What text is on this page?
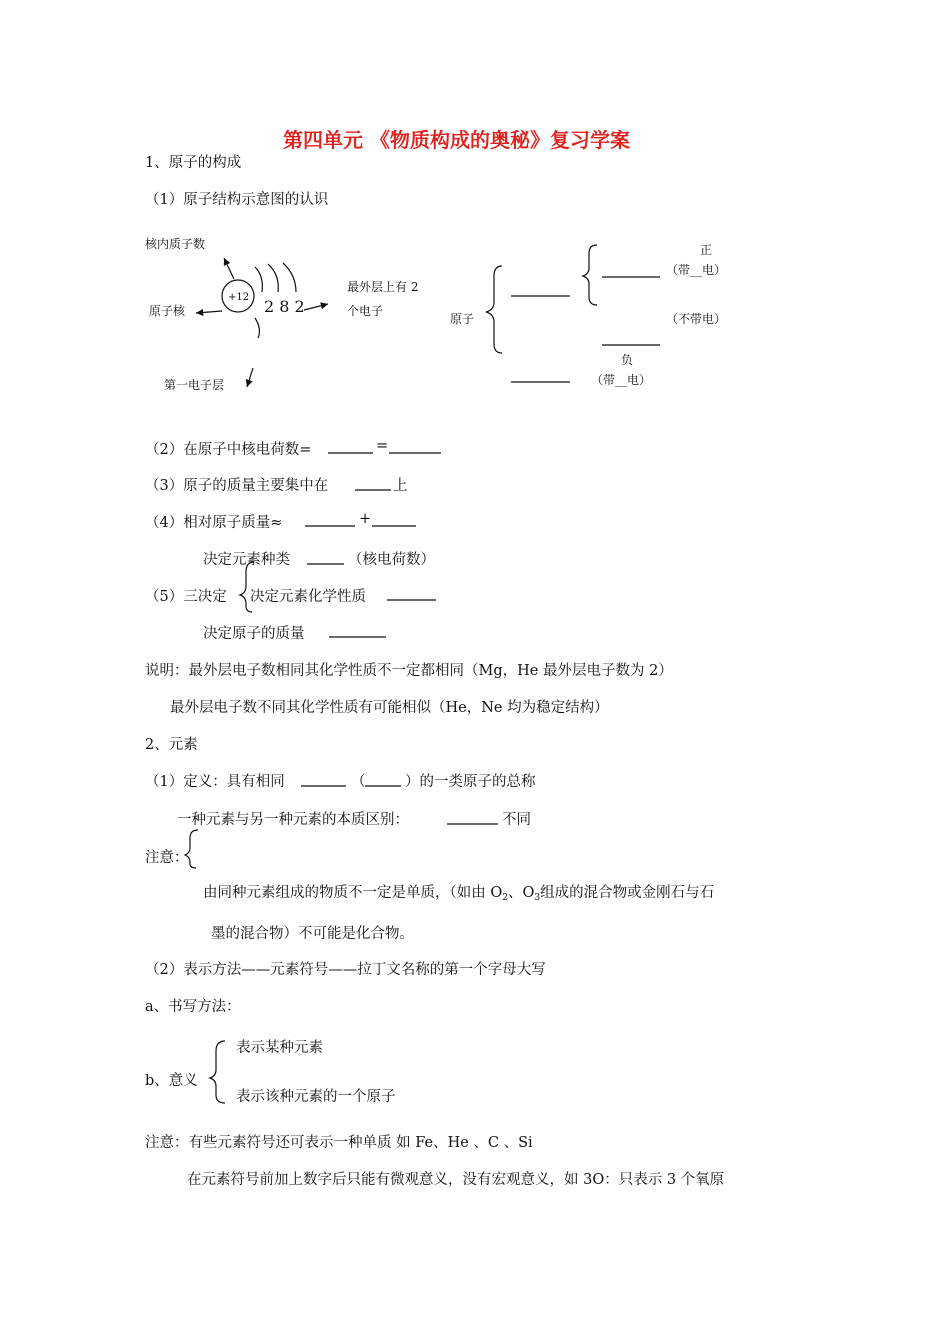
第四单元 《物质构成的奥秘》复习学案
1、原子的构成
（1）原子结构示意图的认识
核内质子数
原子核
+12 2 8 2
最外层上有 2
个电子
第一电子层
原子
正
（带__电）
（不带电）
负
（带__电）
（2）在原子中核电荷数=	=
（3）原子的质量主要集中在	上
（4）相对原子质量≈	+
决定元素种类	（核电荷数）
（5）三决定 决定元素化学性质
决定原子的质量
说明：最外层电子数相同其化学性质不一定都相同（Mg，He 最外层电子数为 2）
最外层电子数不同其化学性质有可能相似（He，Ne 均为稳定结构）
2、元素
（1）定义：具有相同	（	）的一类原子的总称
一种元素与另一种元素的本质区别：	不同
注意：
由同种元素组成的物质不一定是单质，（如由 $O_2$、$O_3$组成的混合物或金刚石与石
墨的混合物）不可能是化合物。
（2）表示方法——元素符号——拉丁文名称的第一个字母大写
a、书写方法：
表示某种元素
b、意义
表示该种元素的一个原子
注意：有些元素符号还可表示一种单质 如 Fe、He 、C 、Si
在元素符号前加上数字后只能有微观意义，没有宏观意义，如 3O：只表示 3 个氧原
